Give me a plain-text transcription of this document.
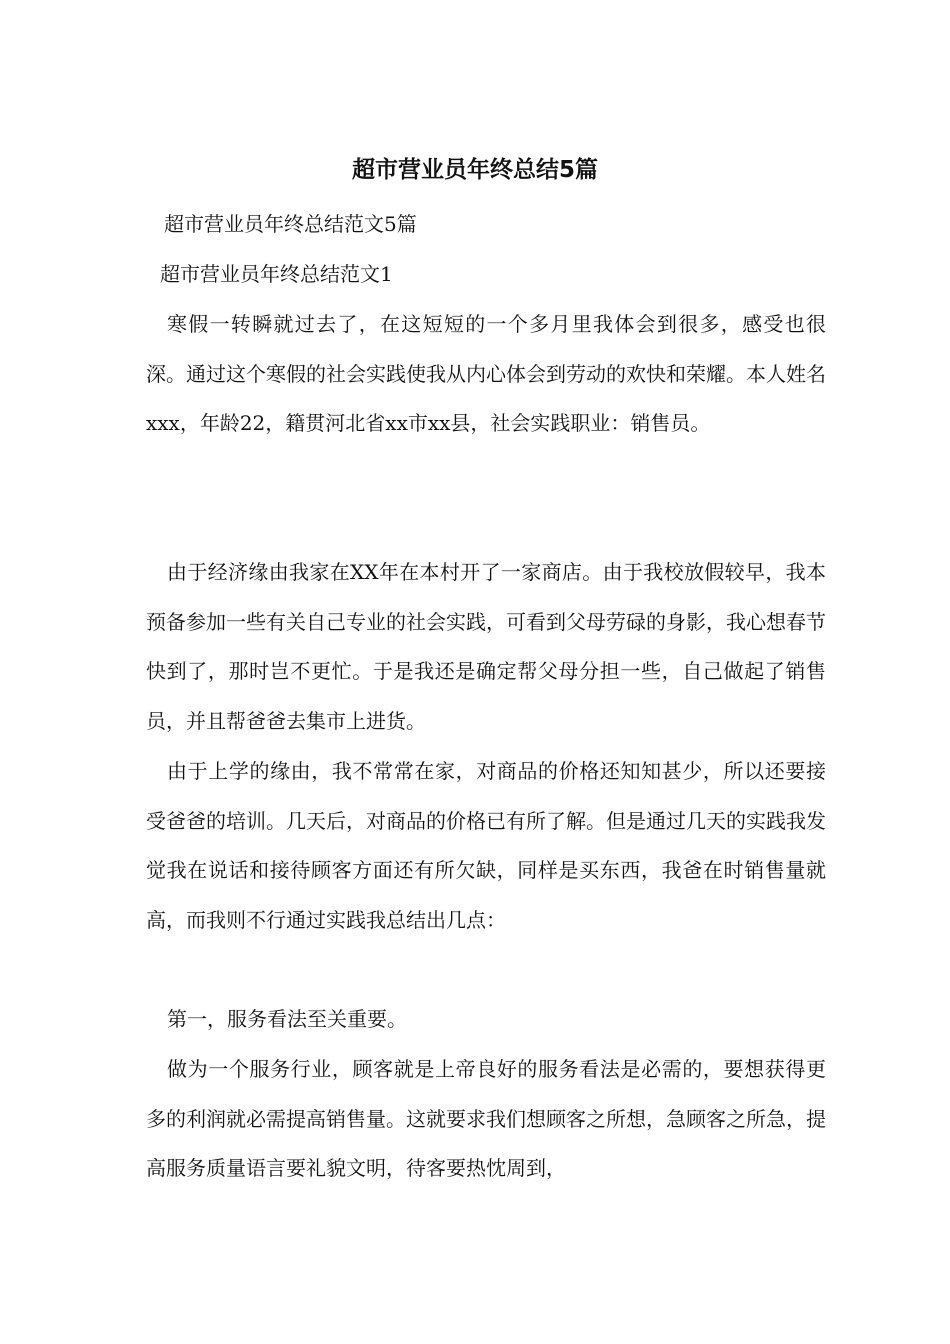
超市营业员年终总结5篇

超市营业员年终总结范文5篇

超市营业员年终总结范文1

寒假一转瞬就过去了，在这短短的一个多月里我体会到很多，感受也很深。通过这个寒假的社会实践使我从内心体会到劳动的欢快和荣耀。本人姓名xxx，年龄22，籍贯河北省xx市xx县，社会实践职业：销售员。

由于经济缘由我家在XX年在本村开了一家商店。由于我校放假较早，我本预备参加一些有关自己专业的社会实践，可看到父母劳碌的身影，我心想春节快到了，那时岂不更忙。于是我还是确定帮父母分担一些，自己做起了销售员，并且帮爸爸去集市上进货。

由于上学的缘由，我不常常在家，对商品的价格还知知甚少，所以还要接受爸爸的培训。几天后，对商品的价格已有所了解。但是通过几天的实践我发觉我在说话和接待顾客方面还有所欠缺，同样是买东西，我爸在时销售量就高，而我则不行通过实践我总结出几点：

第一，服务看法至关重要。

做为一个服务行业，顾客就是上帝良好的服务看法是必需的，要想获得更多的利润就必需提高销售量。这就要求我们想顾客之所想，急顾客之所急，提高服务质量语言要礼貌文明，待客要热忱周到，
